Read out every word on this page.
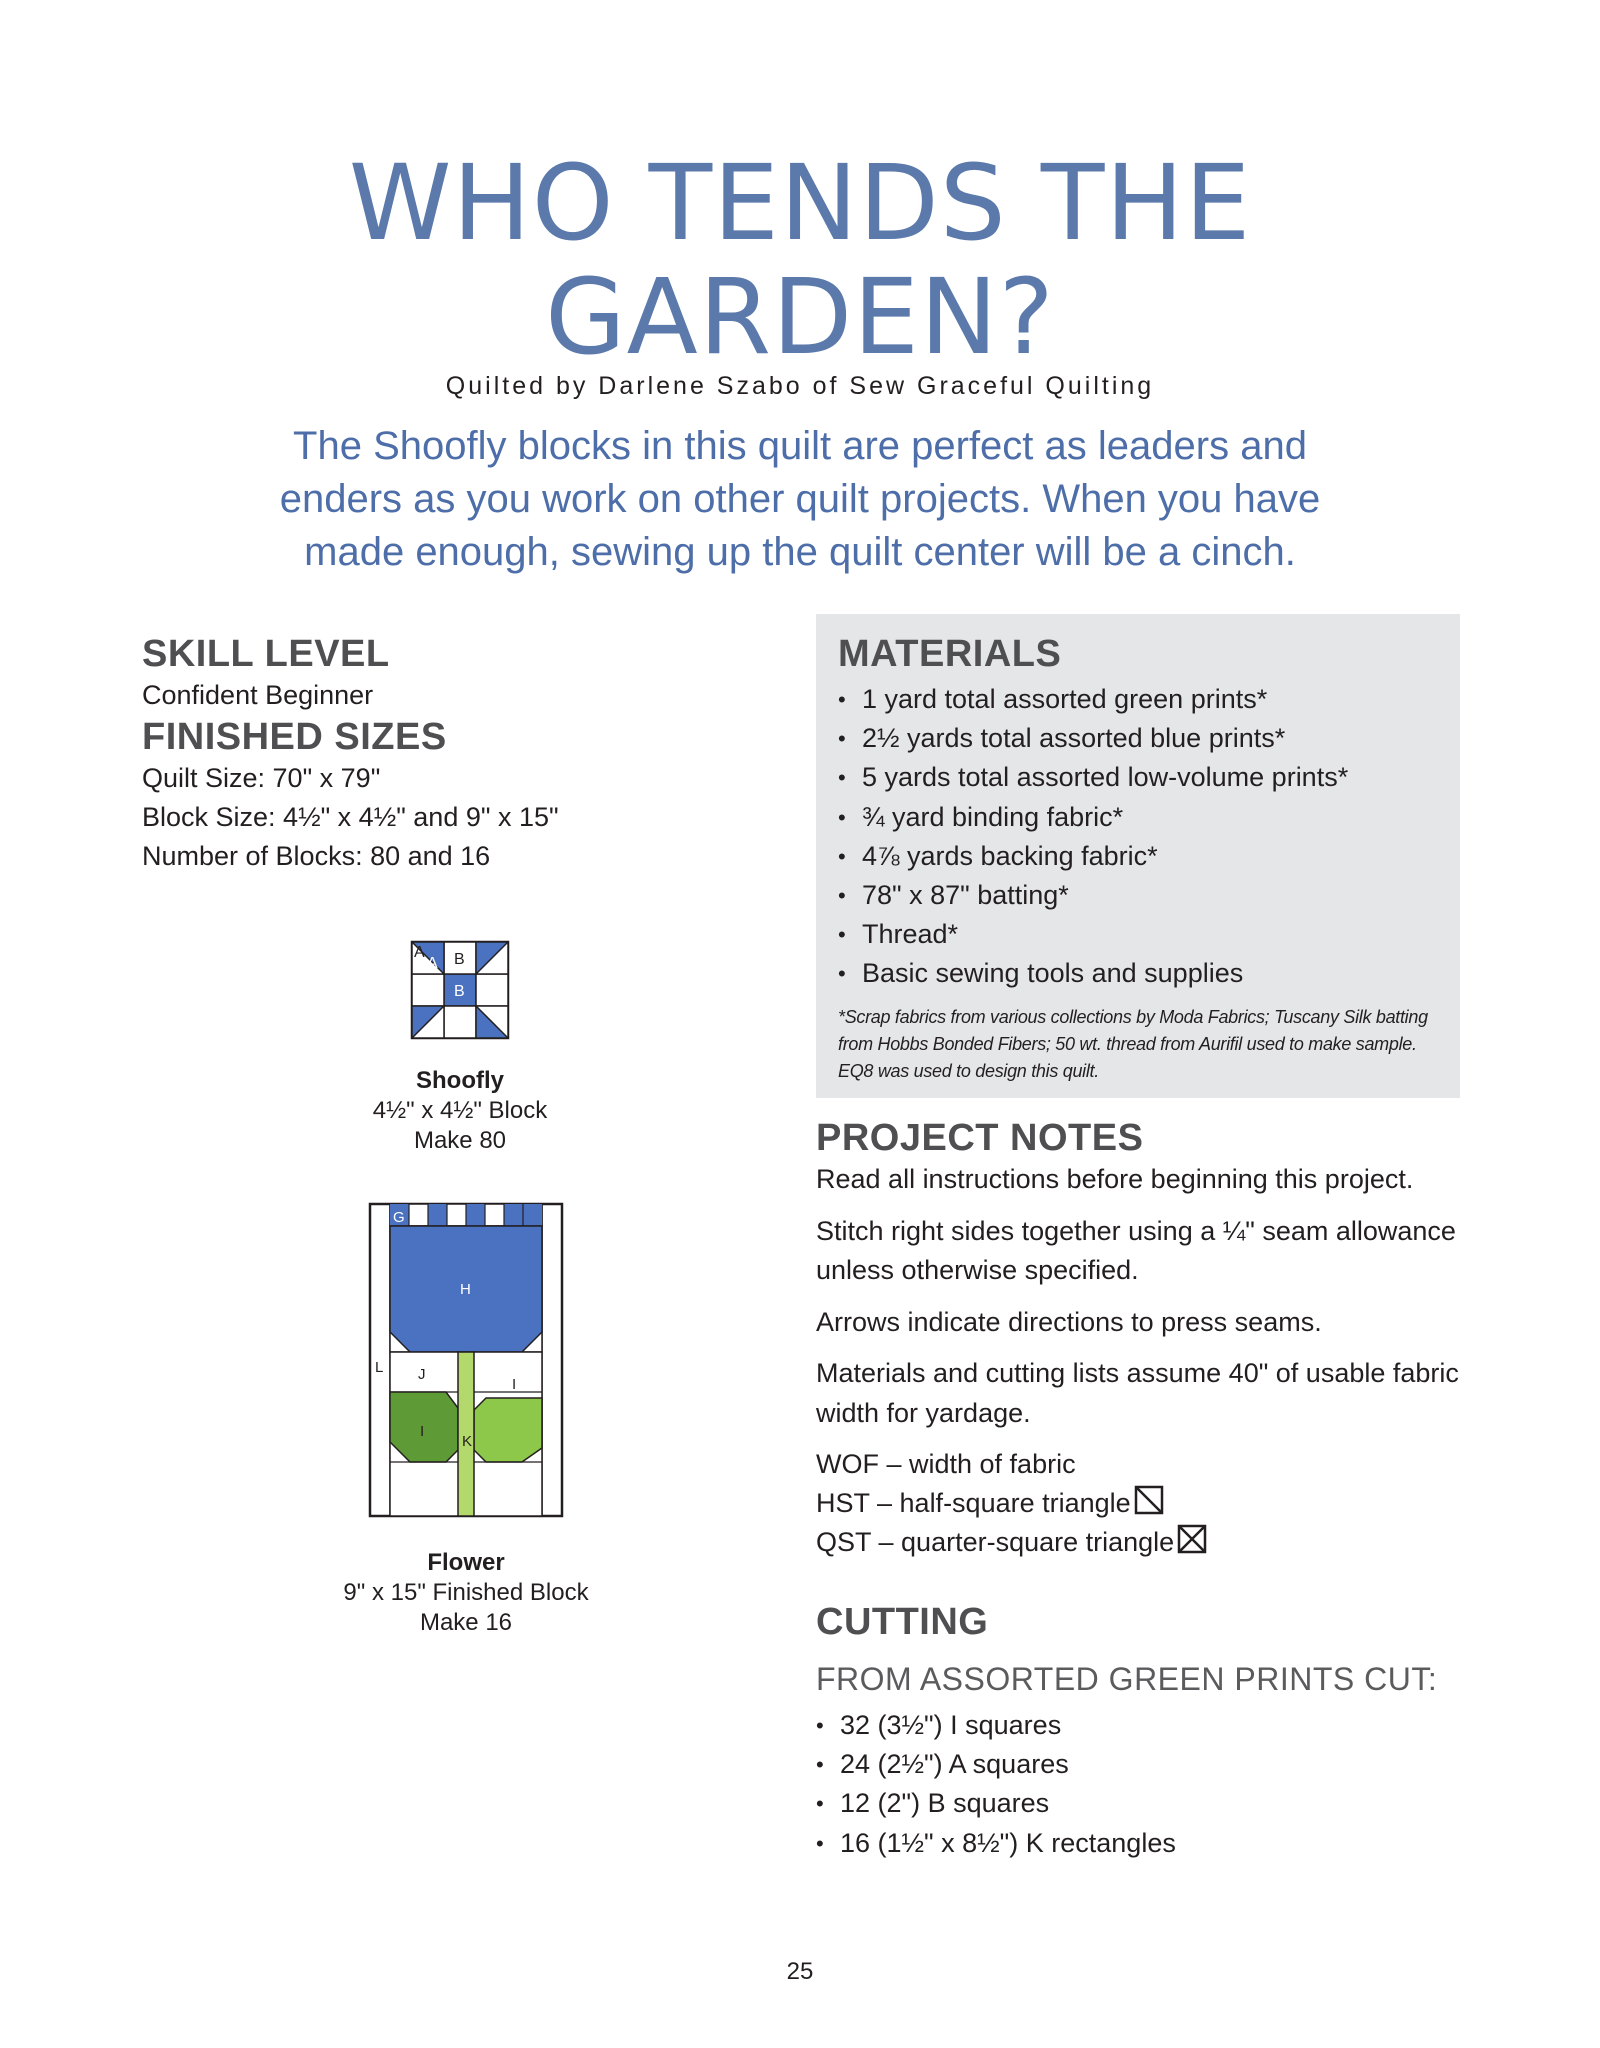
WHO TENDS THE
GARDEN?
Quilted by Darlene Szabo of Sew Graceful Quilting
The Shoofly blocks in this quilt are perfect as leaders and
enders as you work on other quilt projects. When you have
made enough, sewing up the quilt center will be a cinch.
SKILL LEVEL
Confident Beginner
FINISHED SIZES
Quilt Size: 70" x 79"
Block Size: 4½" x 4½" and 9" x 15"
Number of Blocks: 80 and 16
A
A B
B
Shoofly
4½" x 4½" Block
Make 80
G
H
L J
I
I
K
Flower
9" x 15" Finished Block
Make 16
MATERIALS
• 1 yard total assorted green prints*
• 2½ yards total assorted blue prints*
• 5 yards total assorted low-volume prints*
• ¾ yard binding fabric*
• 4⅞ yards backing fabric*
• 78" x 87" batting*
• Thread*
• Basic sewing tools and supplies
*Scrap fabrics from various collections by Moda Fabrics; Tuscany Silk batting
from Hobbs Bonded Fibers; 50 wt. thread from Aurifil used to make sample.
EQ8 was used to design this quilt.
PROJECT NOTES

Read all instructions before beginning this project.

Stitch right sides together using a ¼" seam allowance unless otherwise specified.

Arrows indicate directions to press seams.

Materials and cutting lists assume 40" of usable fabric width for yardage.

WOF – width of fabric

HST – half-square triangle

QST – quarter-square triangle

CUTTING
FROM ASSORTED GREEN PRINTS CUT:
• 32 (3½") I squares
• 24 (2½") A squares
• 12 (2") B squares
• 16 (1½" x 8½") K rectangles
25
